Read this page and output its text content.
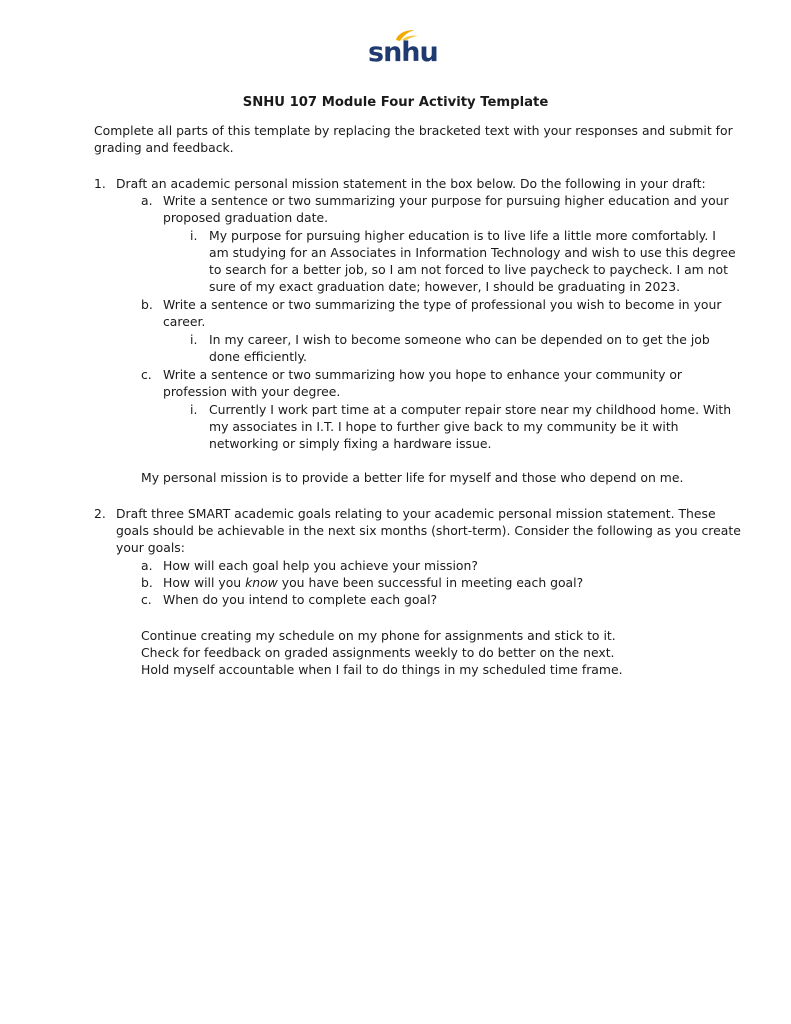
snhu
SNHU 107 Module Four Activity Template
Complete all parts of this template by replacing the bracketed text with your responses and submit for
grading and feedback.
1. Draft an academic personal mission statement in the box below. Do the following in your draft:
a. Write a sentence or two summarizing your purpose for pursuing higher education and your
proposed graduation date.
i. My purpose for pursuing higher education is to live life a little more comfortably. I
am studying for an Associates in Information Technology and wish to use this degree
to search for a better job, so I am not forced to live paycheck to paycheck. I am not
sure of my exact graduation date; however, I should be graduating in 2023.
b. Write a sentence or two summarizing the type of professional you wish to become in your
career.
i. In my career, I wish to become someone who can be depended on to get the job
done efficiently.
c. Write a sentence or two summarizing how you hope to enhance your community or
profession with your degree.
i. Currently I work part time at a computer repair store near my childhood home. With
my associates in I.T. I hope to further give back to my community be it with
networking or simply fixing a hardware issue.
My personal mission is to provide a better life for myself and those who depend on me.
2. Draft three SMART academic goals relating to your academic personal mission statement. These
goals should be achievable in the next six months (short-term). Consider the following as you create
your goals:
a. How will each goal help you achieve your mission?
b. How will you know you have been successful in meeting each goal?
c. When do you intend to complete each goal?
Continue creating my schedule on my phone for assignments and stick to it.
Check for feedback on graded assignments weekly to do better on the next.
Hold myself accountable when I fail to do things in my scheduled time frame.
